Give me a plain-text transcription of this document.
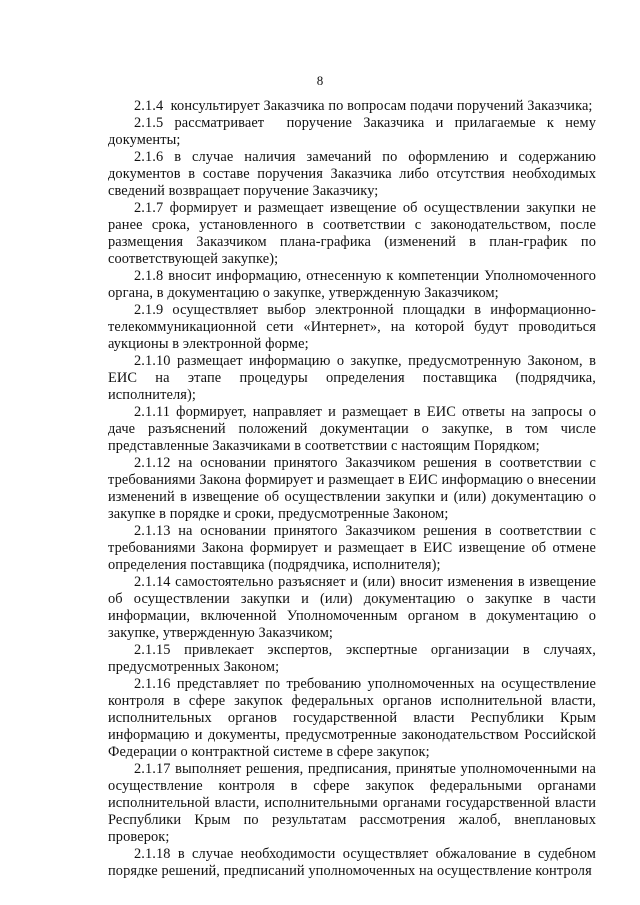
8

2.1.4  консультирует Заказчика по вопросам подачи поручений Заказчика;

2.1.5 рассматривает  поручение Заказчика и прилагаемые к нему документы;

2.1.6 в случае наличия замечаний по оформлению и содержанию документов в составе поручения Заказчика либо отсутствия необходимых сведений возвращает поручение Заказчику;

2.1.7 формирует и размещает извещение об осуществлении закупки не ранее срока, установленного в соответствии с законодательством, после размещения Заказчиком плана-графика (изменений в план-график по соответствующей закупке);

2.1.8 вносит информацию, отнесенную к компетенции Уполномоченного органа, в документацию о закупке, утвержденную Заказчиком;

2.1.9 осуществляет выбор электронной площадки в информационно-телекоммуникационной сети «Интернет», на которой будут проводиться аукционы в электронной форме;

2.1.10 размещает информацию о закупке, предусмотренную Законом, в ЕИС на этапе процедуры определения поставщика (подрядчика, исполнителя);

2.1.11 формирует, направляет и размещает в ЕИС ответы на запросы о даче разъяснений положений документации о закупке, в том числе представленные Заказчиками в соответствии с настоящим Порядком;

2.1.12 на основании принятого Заказчиком решения в соответствии с требованиями Закона формирует и размещает в ЕИС информацию о внесении изменений в извещение об осуществлении закупки и (или) документацию о закупке в порядке и сроки, предусмотренные Законом;

2.1.13 на основании принятого Заказчиком решения в соответствии с требованиями Закона формирует и размещает в ЕИС извещение об отмене определения поставщика (подрядчика, исполнителя);

2.1.14 самостоятельно разъясняет и (или) вносит изменения в извещение об осуществлении закупки и (или) документацию о закупке в части информации, включенной Уполномоченным органом в документацию о закупке, утвержденную Заказчиком;

2.1.15 привлекает экспертов, экспертные организации в случаях, предусмотренных Законом;

2.1.16 представляет по требованию уполномоченных на осуществление контроля в сфере закупок федеральных органов исполнительной власти, исполнительных органов государственной власти Республики Крым информацию и документы, предусмотренные законодательством Российской Федерации о контрактной системе в сфере закупок;

2.1.17 выполняет решения, предписания, принятые уполномоченными на осуществление контроля в сфере закупок федеральными органами исполнительной власти, исполнительными органами государственной власти Республики Крым по результатам рассмотрения жалоб, внеплановых проверок;

2.1.18 в случае необходимости осуществляет обжалование в судебном порядке решений, предписаний уполномоченных на осуществление контроля
